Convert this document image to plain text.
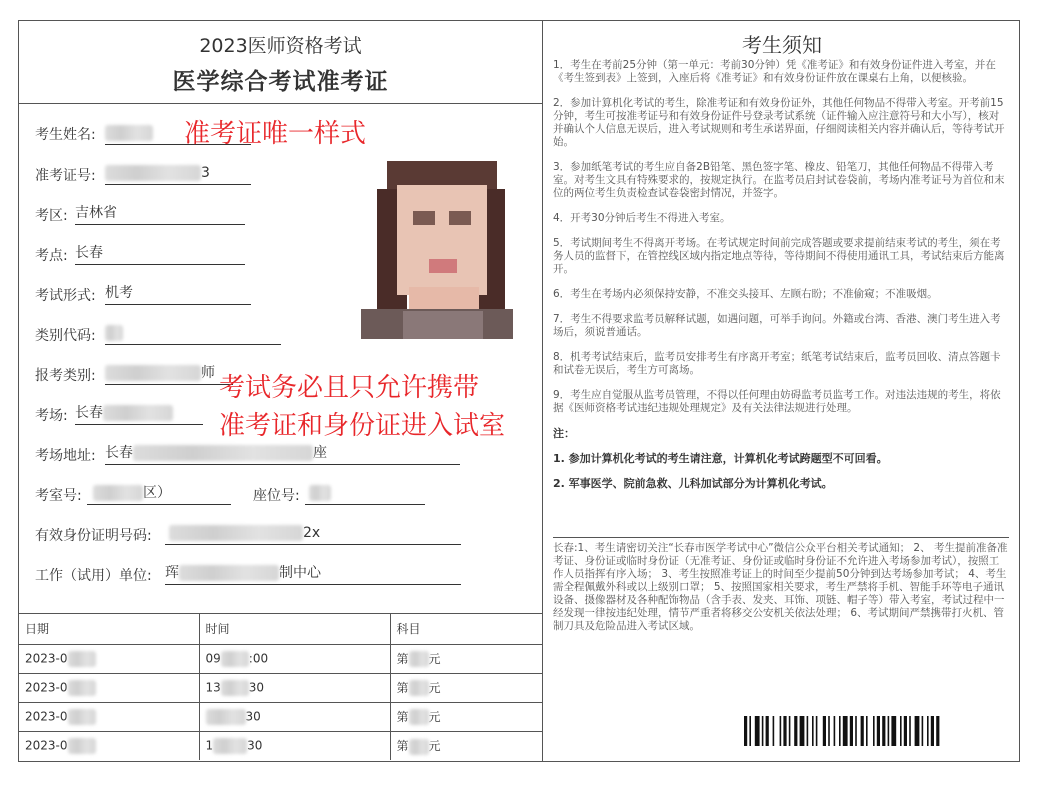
2023医师资格考试
医学综合考试准考证
考生姓名:	准考证唯一样式
准考证号:	3
考区: 吉林省
考点: 长春
考试形式: 机考
类别代码:
报考类别:	师 考试务必且只允许携带
考场: 长春	准考证和身份证进入试室
考场地址: 长春	座
考室号:	区）	座位号:
有效身份证明号码:	2x
工作（试用）单位: 珲	制中心
日期	时间	科目
2023-0	09 :00	第 元
2023-0	13 30	第 元
2023-0	30	第 元
2023-0	1 30	第 元
考生须知

1．考生在考前25分钟（第一单元：考前30分钟）凭《准考证》和有效身份证件进入考室，并在《考生签到表》上签到，入座后将《准考证》和有效身份证件放在课桌右上角，以便核验。

2．参加计算机化考试的考生，除准考证和有效身份证外，其他任何物品不得带入考室。开考前15分钟，考生可按准考证号和有效身份证件号登录考试系统（证件输入应注意符号和大小写），核对并确认个人信息无误后，进入考试规则和考生承诺界面，仔细阅读相关内容并确认后，等待考试开始。

3．参加纸笔考试的考生应自备2B铅笔、黑色签字笔、橡皮、铅笔刀，其他任何物品不得带入考室。对考生文具有特殊要求的，按规定执行。在监考员启封试卷袋前，考场内准考证号为首位和末位的两位考生负责检查试卷袋密封情况，并签字。

4．开考30分钟后考生不得进入考室。

5．考试期间考生不得离开考场。在考试规定时间前完成答题或要求提前结束考试的考生，须在考务人员的监督下，在管控线区域内指定地点等待，等待期间不得使用通讯工具，考试结束后方能离开。

6．考生在考场内必须保持安静，不准交头接耳、左顾右盼；不准偷窥；不准吸烟。

7．考生不得要求监考员解释试题，如遇问题，可举手询问。外籍或台湾、香港、澳门考生进入考场后，须说普通话。

8．机考考试结束后，监考员安排考生有序离开考室；纸笔考试结束后，监考员回收、清点答题卡和试卷无误后，考生方可离场。

9．考生应自觉服从监考员管理，不得以任何理由妨碍监考员监考工作。对违法违规的考生，将依据《医师资格考试违纪违规处理规定》及有关法律法规进行处理。

注：

1. 参加计算机化考试的考生请注意，计算机化考试跨题型不可回看。

2. 军事医学、院前急救、儿科加试部分为计算机化考试。

长春:1、考生请密切关注“长春市医学考试中心”微信公众平台相关考试通知； 2、 考生提前准备准考证、身份证或临时身份证（无准考证、身份证或临时身份证不允许进入考场参加考试），按照工作人员指挥有序入场； 3、考生按照准考证上的时间至少提前50分钟到达考场参加考试； 4、考生需全程佩戴外科或以上级别口罩； 5、按照国家相关要求，考生严禁将手机、智能手环等电子通讯设备、摄像器材及各种配饰物品（含手表、发夹、耳饰、项链、帽子等）带入考室，考试过程中一经发现一律按违纪处理，情节严重者将移交公安机关依法处理； 6、考试期间严禁携带打火机、管制刀具及危险品进入考试区域。
